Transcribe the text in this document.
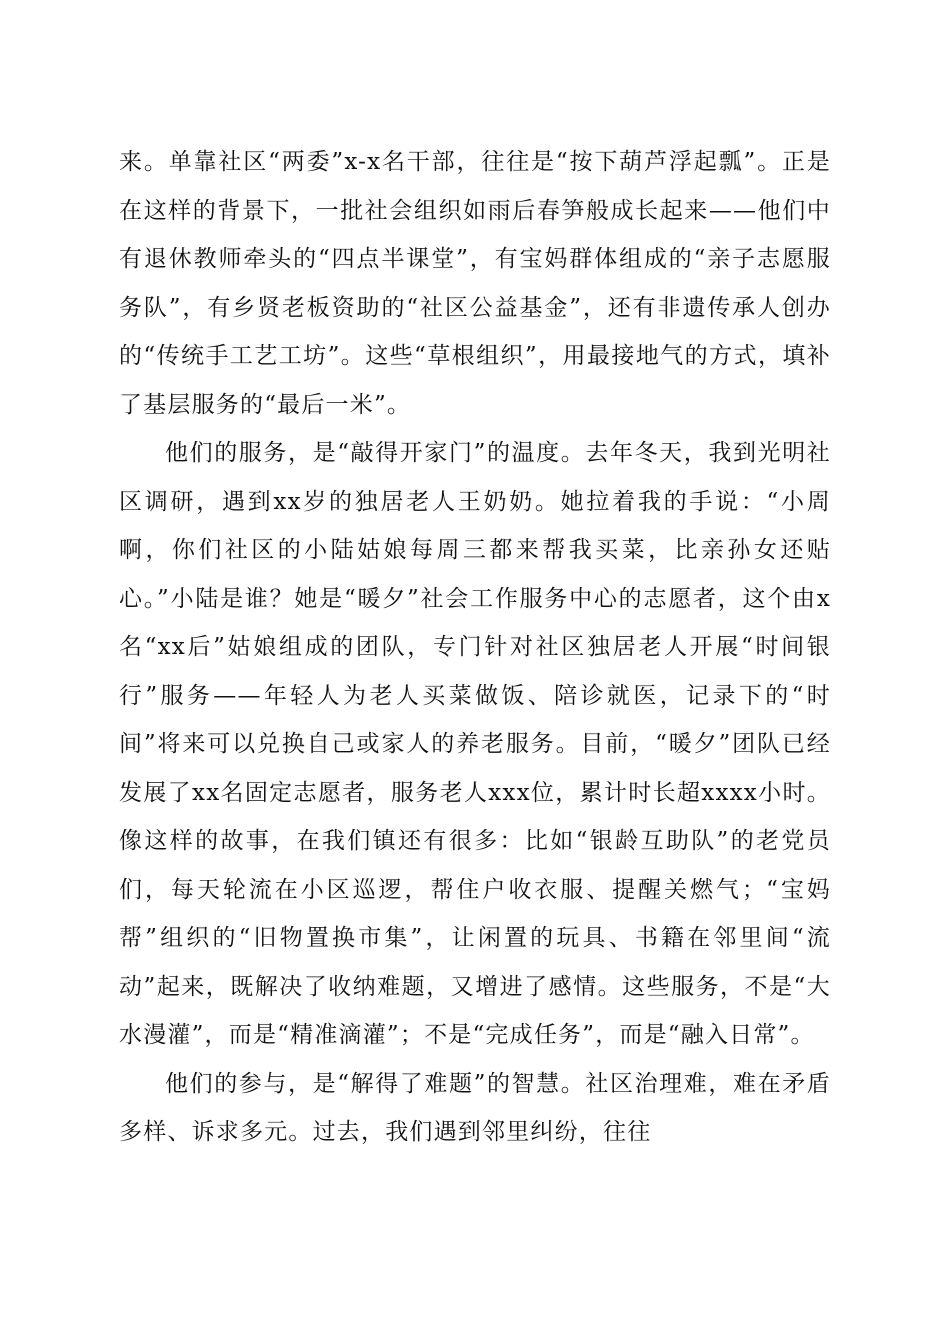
来。单靠社区“两委”x-x名干部，往往是“按下葫芦浮起瓢”。正是在这样的背景下，一批社会组织如雨后春笋般成长起来——他们中有退休教师牵头的“四点半课堂”，有宝妈群体组成的“亲子志愿服务队”，有乡贤老板资助的“社区公益基金”，还有非遗传承人创办的“传统手工艺工坊”。这些“草根组织”，用最接地气的方式，填补了基层服务的“最后一米”。

他们的服务，是“敲得开家门”的温度。去年冬天，我到光明社区调研，遇到xx岁的独居老人王奶奶。她拉着我的手说：“小周啊，你们社区的小陆姑娘每周三都来帮我买菜，比亲孙女还贴心。”小陆是谁？她是“暖夕”社会工作服务中心的志愿者，这个由x名“xx后”姑娘组成的团队，专门针对社区独居老人开展“时间银行”服务——年轻人为老人买菜做饭、陪诊就医，记录下的“时间”将来可以兑换自己或家人的养老服务。目前，“暖夕”团队已经发展了xx名固定志愿者，服务老人xxx位，累计时长超xxxx小时。像这样的故事，在我们镇还有很多：比如“银龄互助队”的老党员们，每天轮流在小区巡逻，帮住户收衣服、提醒关燃气；“宝妈帮”组织的“旧物置换市集”，让闲置的玩具、书籍在邻里间“流动”起来，既解决了收纳难题，又增进了感情。这些服务，不是“大水漫灌”，而是“精准滴灌”；不是“完成任务”，而是“融入日常”。

他们的参与，是“解得了难题”的智慧。社区治理难，难在矛盾多样、诉求多元。过去，我们遇到邻里纠纷，往往
